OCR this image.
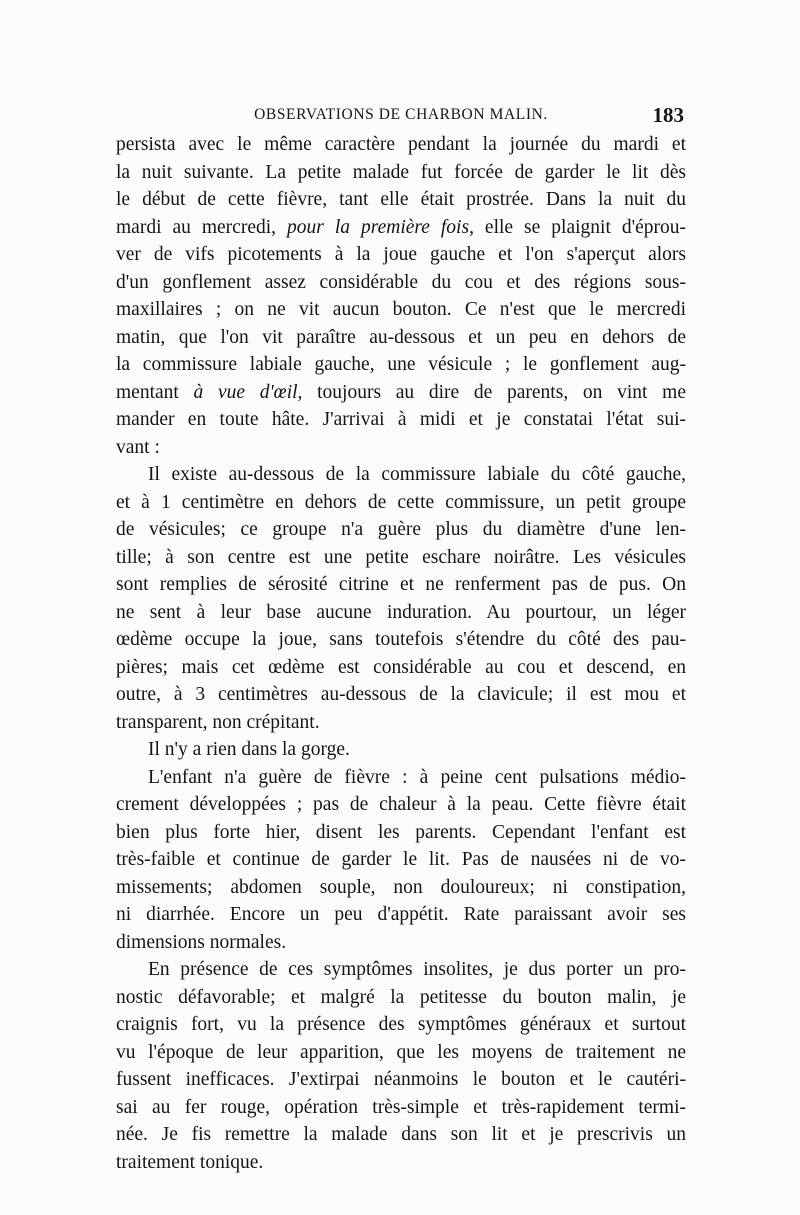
OBSERVATIONS DE CHARBON MALIN.	183
persista avec le même caractère pendant la journée du mardi et
la nuit suivante. La petite malade fut forcée de garder le lit dès
le début de cette fièvre, tant elle était prostrée. Dans la nuit du
mardi au mercredi, pour la première fois, elle se plaignit d'éprou-
ver de vifs picotements à la joue gauche et l'on s'aperçut alors
d'un gonflement assez considérable du cou et des régions sous-
maxillaires ; on ne vit aucun bouton. Ce n'est que le mercredi
matin, que l'on vit paraître au-dessous et un peu en dehors de
la commissure labiale gauche, une vésicule ; le gonflement aug-
mentant à vue d'œil, toujours au dire de parents, on vint me
mander en toute hâte. J'arrivai à midi et je constatai l'état sui-
vant :
Il existe au-dessous de la commissure labiale du côté gauche,
et à 1 centimètre en dehors de cette commissure, un petit groupe
de vésicules; ce groupe n'a guère plus du diamètre d'une len-
tille; à son centre est une petite eschare noirâtre. Les vésicules
sont remplies de sérosité citrine et ne renferment pas de pus. On
ne sent à leur base aucune induration. Au pourtour, un léger
œdème occupe la joue, sans toutefois s'étendre du côté des pau-
pières; mais cet œdème est considérable au cou et descend, en
outre, à 3 centimètres au-dessous de la clavicule; il est mou et
transparent, non crépitant.
Il n'y a rien dans la gorge.
L'enfant n'a guère de fièvre : à peine cent pulsations médio-
crement développées ; pas de chaleur à la peau. Cette fièvre était
bien plus forte hier, disent les parents. Cependant l'enfant est
très-faible et continue de garder le lit. Pas de nausées ni de vo-
missements; abdomen souple, non douloureux; ni constipation,
ni diarrhée. Encore un peu d'appétit. Rate paraissant avoir ses
dimensions normales.
En présence de ces symptômes insolites, je dus porter un pro-
nostic défavorable; et malgré la petitesse du bouton malin, je
craignis fort, vu la présence des symptômes généraux et surtout
vu l'époque de leur apparition, que les moyens de traitement ne
fussent inefficaces. J'extirpai néanmoins le bouton et le cautéri-
sai au fer rouge, opération très-simple et très-rapidement termi-
née. Je fis remettre la malade dans son lit et je prescrivis un
traitement tonique.
